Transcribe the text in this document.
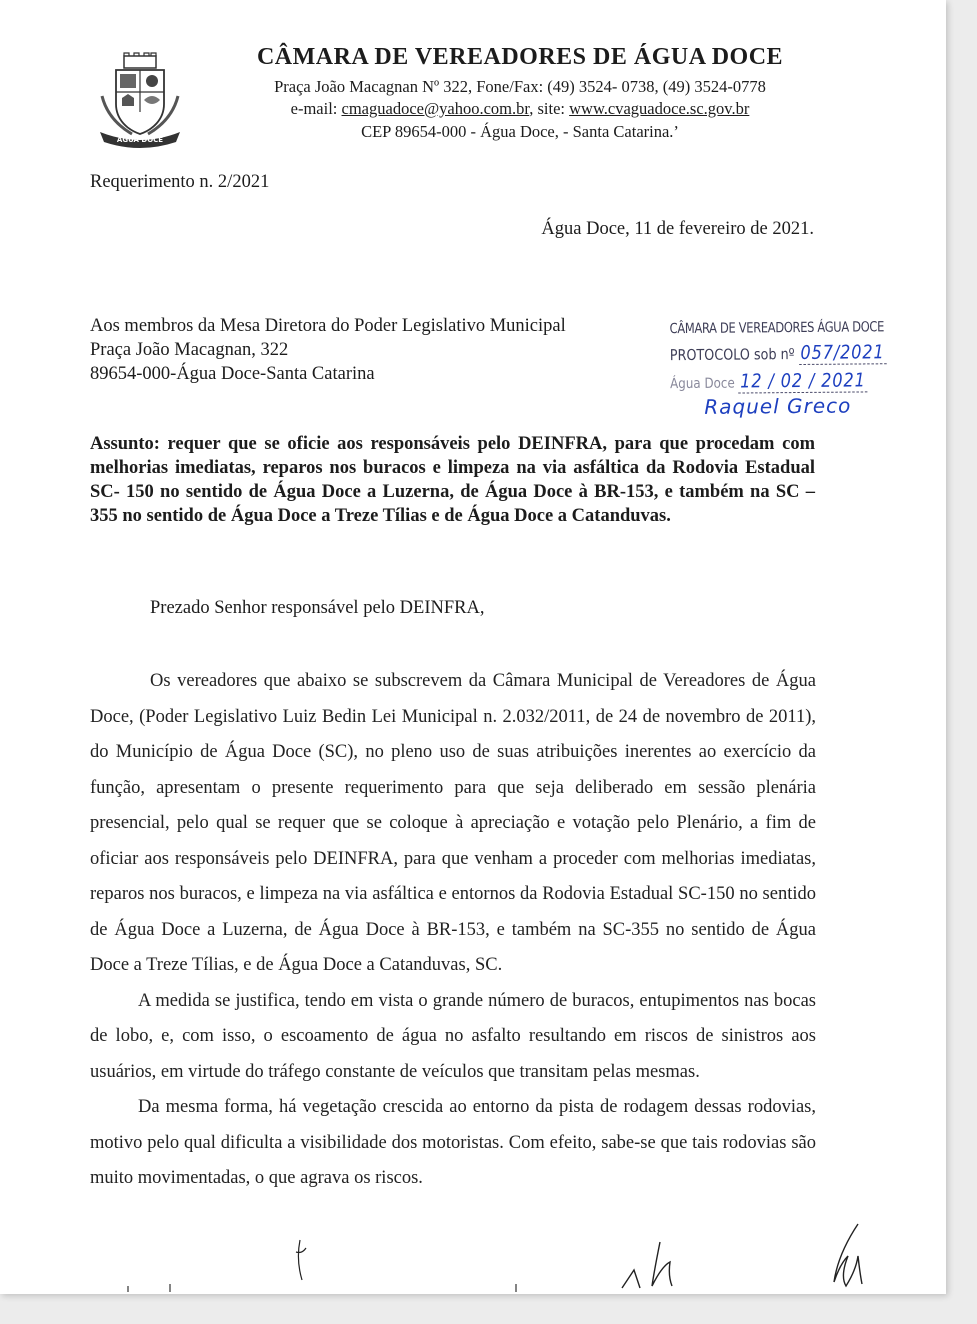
ÁGUA DOCE
CÂMARA DE VEREADORES DE ÁGUA DOCE
Praça João Macagnan Nº 322, Fone/Fax: (49) 3524- 0738, (49) 3524-0778
e-mail: cmaguadoce@yahoo.com.br, site: www.cvaguadoce.sc.gov.br
CEP 89654-000 - Água Doce, - Santa Catarina.’
Requerimento n. 2/2021
Água Doce, 11 de fevereiro de 2021.
Aos membros da Mesa Diretora do Poder Legislativo Municipal
Praça João Macagnan, 322
89654-000-Água Doce-Santa Catarina
CÂMARA DE VEREADORES ÁGUA DOCE
PROTOCOLO sob nº 057/2021
Água Doce 12 / 02 / 2021
Raquel Greco
Assunto: requer que se oficie aos responsáveis pelo DEINFRA, para que procedam com melhorias imediatas, reparos nos buracos e limpeza na via asfáltica da Rodovia Estadual SC- 150 no sentido de Água Doce a Luzerna, de Água Doce à BR-153, e também na SC – 355 no sentido de Água Doce a Treze Tílias e de Água Doce a Catanduvas.
Prezado Senhor responsável pelo DEINFRA,

Os vereadores que abaixo se subscrevem da Câmara Municipal de Vereadores de Água Doce, (Poder Legislativo Luiz Bedin Lei Municipal n. 2.032/2011, de 24 de novembro de 2011), do Município de Água Doce (SC), no pleno uso de suas atribuições inerentes ao exercício da função, apresentam o presente requerimento para que seja deliberado em sessão plenária presencial, pelo qual se requer que se coloque à apreciação e votação pelo Plenário, a fim de oficiar aos responsáveis pelo DEINFRA, para que venham a proceder com melhorias imediatas, reparos nos buracos, e limpeza na via asfáltica e entornos da Rodovia Estadual SC-150 no sentido de Água Doce a Luzerna, de Água Doce à BR-153, e também na SC-355 no sentido de Água Doce a Treze Tílias, e de Água Doce a Catanduvas, SC.

A medida se justifica, tendo em vista o grande número de buracos, entupimentos nas bocas de lobo, e, com isso, o escoamento de água no asfalto resultando em riscos de sinistros aos usuários, em virtude do tráfego constante de veículos que transitam pelas mesmas.

Da mesma forma, há vegetação crescida ao entorno da pista de rodagem dessas rodovias, motivo pelo qual dificulta a visibilidade dos motoristas. Com efeito, sabe-se que tais rodovias são muito movimentadas, o que agrava os riscos.
